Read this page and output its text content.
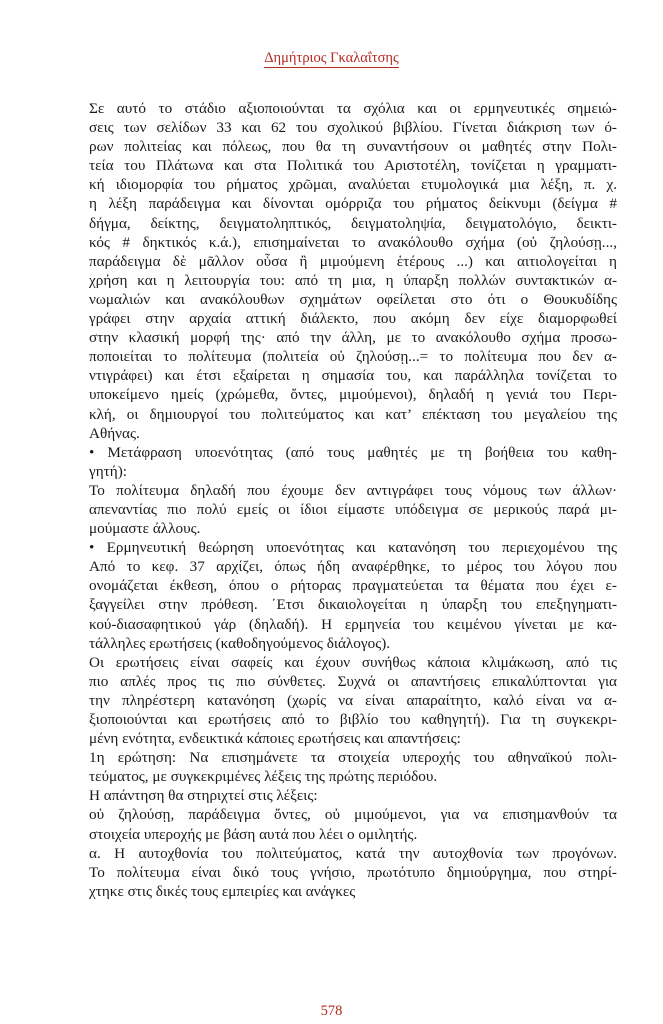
Δημήτριος Γκαλαΐτσης
Σε αυτό το στάδιο αξιοποιούνται τα σχόλια και οι ερμηνευτικές σημειώ-
σεις των σελίδων 33 και 62 του σχολικού βιβλίου. Γίνεται διάκριση των ό-
ρων πολιτείας και πόλεως, που θα τη συναντήσουν οι μαθητές στην Πολι-
τεία του Πλάτωνα και στα Πολιτικά του Αριστοτέλη, τονίζεται η γραμματι-
κή ιδιομορφία του ρήματος χρῶμαι, αναλύεται ετυμολογικά μια λέξη, π. χ.
η λέξη παράδειγμα και δίνονται ομόρριζα του ρήματος δείκνυμι (δείγμα #
δήγμα, δείκτης, δειγματοληπτικός, δειγματοληψία, δειγματολόγιο, δεικτι-
κός # δηκτικός κ.ά.), επισημαίνεται το ανακόλουθο σχήμα (οὐ ζηλούσῃ...,
παράδειγμα δὲ μᾶλλον οὖσα ἢ μιμούμενη ἑτέρους ...) και αιτιολογείται η
χρήση και η λειτουργία του: από τη μια, η ύπαρξη πολλών συντακτικών α-
νωμαλιών και ανακόλουθων σχημάτων οφείλεται στο ότι ο Θουκυδίδης
γράφει στην αρχαία αττική διάλεκτο, που ακόμη δεν είχε διαμορφωθεί
στην κλασική μορφή της· από την άλλη, με το ανακόλουθο σχήμα προσω-
ποποιείται το πολίτευμα (πολιτεία οὐ ζηλούσῃ...= το πολίτευμα που δεν α-
ντιγράφει) και έτσι εξαίρεται η σημασία του, και παράλληλα τονίζεται το
υποκείμενο ημείς (χρώμεθα, ὄντες, μιμούμενοι), δηλαδή η γενιά του Περι-
κλή, οι δημιουργοί του πολιτεύματος και κατ’ επέκταση του μεγαλείου της
Αθήνας.
• Μετάφραση υποενότητας (από τους μαθητές με τη βοήθεια του καθη-
γητή):
Το πολίτευμα δηλαδή που έχουμε δεν αντιγράφει τους νόμους των άλλων·
απεναντίας πιο πολύ εμείς οι ίδιοι είμαστε υπόδειγμα σε μερικούς παρά μι-
μούμαστε άλλους.
• Ερμηνευτική θεώρηση υποενότητας και κατανόηση του περιεχομένου της
Από το κεφ. 37 αρχίζει, όπως ήδη αναφέρθηκε, το μέρος του λόγου που
ονομάζεται έκθεση, όπου ο ρήτορας πραγματεύεται τα θέματα που έχει ε-
ξαγγείλει στην πρόθεση. ΄Ετσι δικαιολογείται η ύπαρξη του επεξηγηματι-
κού-διασαφητικού γάρ (δηλαδή). Η ερμηνεία του κειμένου γίνεται με κα-
τάλληλες ερωτήσεις (καθοδηγούμενος διάλογος).
Οι ερωτήσεις είναι σαφείς και έχουν συνήθως κάποια κλιμάκωση, από τις
πιο απλές προς τις πιο σύνθετες. Συχνά οι απαντήσεις επικαλύπτονται για
την πληρέστερη κατανόηση (χωρίς να είναι απαραίτητο, καλό είναι να α-
ξιοποιούνται και ερωτήσεις από το βιβλίο του καθηγητή). Για τη συγκεκρι-
μένη ενότητα, ενδεικτικά κάποιες ερωτήσεις και απαντήσεις:
1η ερώτηση: Να επισημάνετε τα στοιχεία υπεροχής του αθηναϊκού πολι-
τεύματος, με συγκεκριμένες λέξεις της πρώτης περιόδου.
Η απάντηση θα στηριχτεί στις λέξεις:
οὐ ζηλούσῃ, παράδειγμα ὄντες, οὐ μιμούμενοι, για να επισημανθούν τα
στοιχεία υπεροχής με βάση αυτά που λέει ο ομιλητής.
α. Η αυτοχθονία του πολιτεύματος, κατά την αυτοχθονία των προγόνων.
Το πολίτευμα είναι δικό τους γνήσιο, πρωτότυπο δημιούργημα, που στηρί-
χτηκε στις δικές τους εμπειρίες και ανάγκες
578
